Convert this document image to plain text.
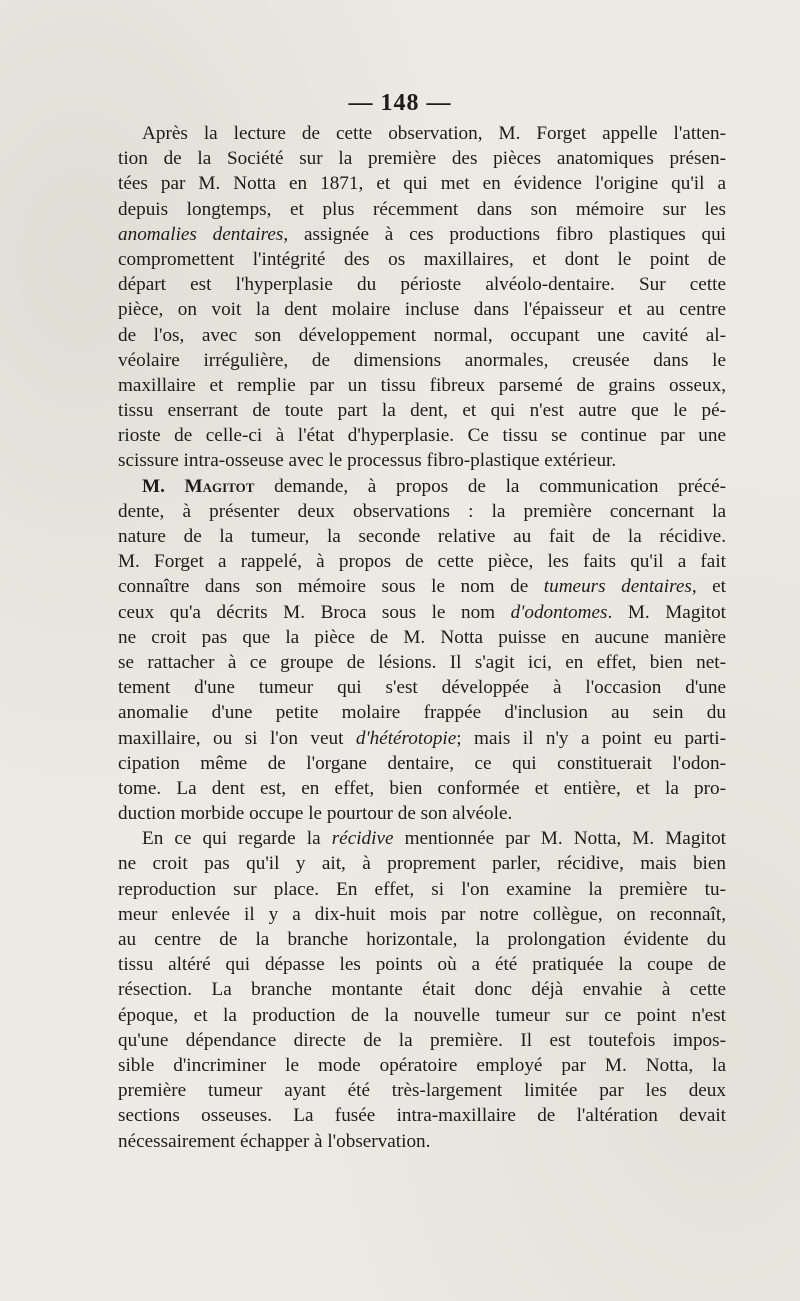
— 148 —
Après la lecture de cette observation, M. Forget appelle l'atten-
tion de la Société sur la première des pièces anatomiques présen-
tées par M. Notta en 1871, et qui met en évidence l'origine qu'il a
depuis longtemps, et plus récemment dans son mémoire sur les
anomalies dentaires, assignée à ces productions fibro plastiques qui
compromettent l'intégrité des os maxillaires, et dont le point de
départ est l'hyperplasie du périoste alvéolo-dentaire. Sur cette
pièce, on voit la dent molaire incluse dans l'épaisseur et au centre
de l'os, avec son développement normal, occupant une cavité al-
véolaire irrégulière, de dimensions anormales, creusée dans le
maxillaire et remplie par un tissu fibreux parsemé de grains osseux,
tissu enserrant de toute part la dent, et qui n'est autre que le pé-
rioste de celle-ci à l'état d'hyperplasie. Ce tissu se continue par une
scissure intra-osseuse avec le processus fibro-plastique extérieur.
M. Magitot demande, à propos de la communication précé-
dente, à présenter deux observations : la première concernant la
nature de la tumeur, la seconde relative au fait de la récidive.
M. Forget a rappelé, à propos de cette pièce, les faits qu'il a fait
connaître dans son mémoire sous le nom de tumeurs dentaires, et
ceux qu'a décrits M. Broca sous le nom d'odontomes. M. Magitot
ne croit pas que la pièce de M. Notta puisse en aucune manière
se rattacher à ce groupe de lésions. Il s'agit ici, en effet, bien net-
tement d'une tumeur qui s'est développée à l'occasion d'une
anomalie d'une petite molaire frappée d'inclusion au sein du
maxillaire, ou si l'on veut d'hétérotopie; mais il n'y a point eu parti-
cipation même de l'organe dentaire, ce qui constituerait l'odon-
tome. La dent est, en effet, bien conformée et entière, et la pro-
duction morbide occupe le pourtour de son alvéole.
En ce qui regarde la récidive mentionnée par M. Notta, M. Magitot
ne croit pas qu'il y ait, à proprement parler, récidive, mais bien
reproduction sur place. En effet, si l'on examine la première tu-
meur enlevée il y a dix-huit mois par notre collègue, on reconnaît,
au centre de la branche horizontale, la prolongation évidente du
tissu altéré qui dépasse les points où a été pratiquée la coupe de
résection. La branche montante était donc déjà envahie à cette
époque, et la production de la nouvelle tumeur sur ce point n'est
qu'une dépendance directe de la première. Il est toutefois impos-
sible d'incriminer le mode opératoire employé par M. Notta, la
première tumeur ayant été très-largement limitée par les deux
sections osseuses. La fusée intra-maxillaire de l'altération devait
nécessairement échapper à l'observation.
